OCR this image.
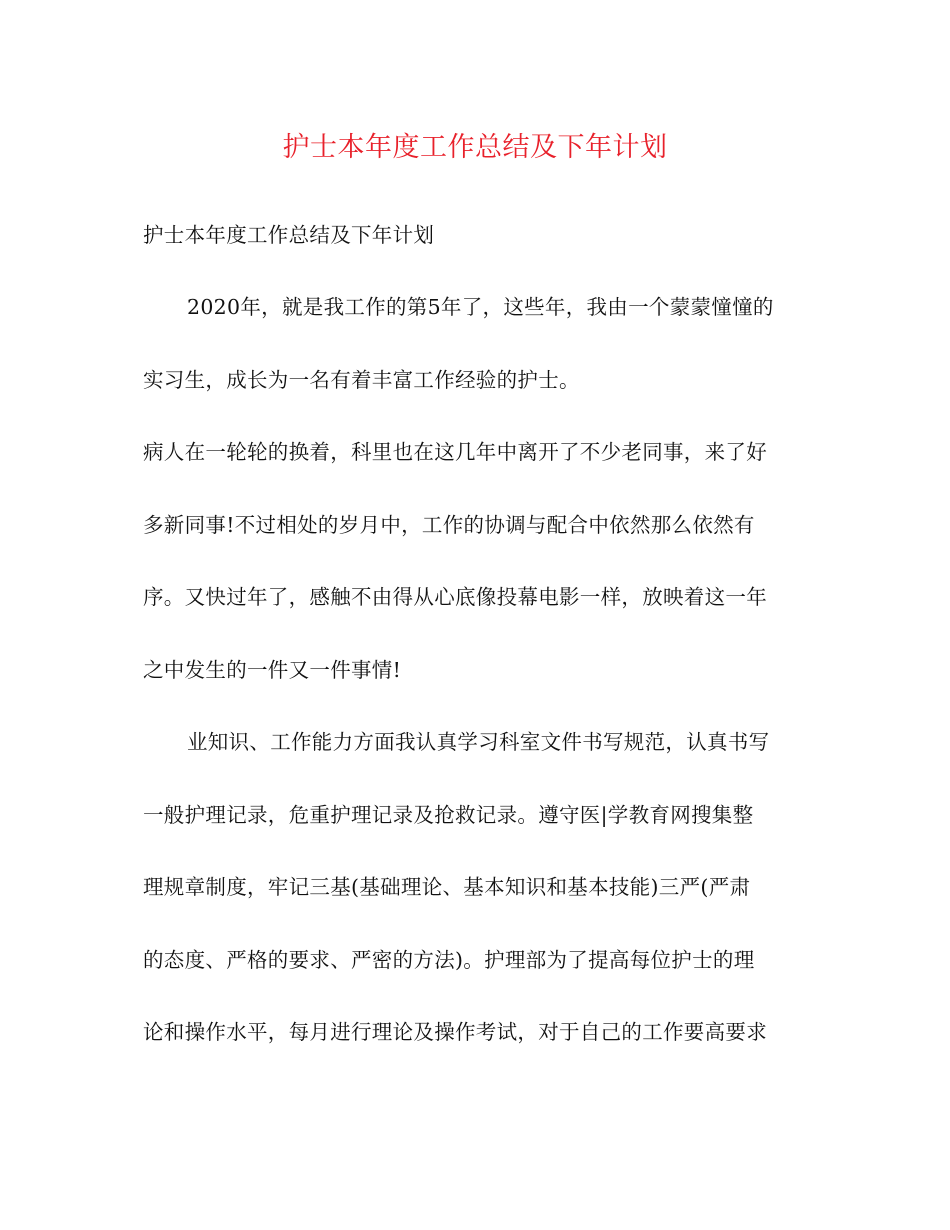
护士本年度工作总结及下年计划
护士本年度工作总结及下年计划
2020年，就是我工作的第5年了，这些年，我由一个蒙蒙憧憧的
实习生，成长为一名有着丰富工作经验的护士。
病人在一轮轮的换着，科里也在这几年中离开了不少老同事，来了好
多新同事!不过相处的岁月中，工作的协调与配合中依然那么依然有
序。又快过年了，感触不由得从心底像投幕电影一样，放映着这一年
之中发生的一件又一件事情!
业知识、工作能力方面我认真学习科室文件书写规范，认真书写
一般护理记录，危重护理记录及抢救记录。遵守医|学教育网搜集整
理规章制度，牢记三基(基础理论、基本知识和基本技能)三严(严肃
的态度、严格的要求、严密的方法)。护理部为了提高每位护士的理
论和操作水平，每月进行理论及操作考试，对于自己的工作要高要求
